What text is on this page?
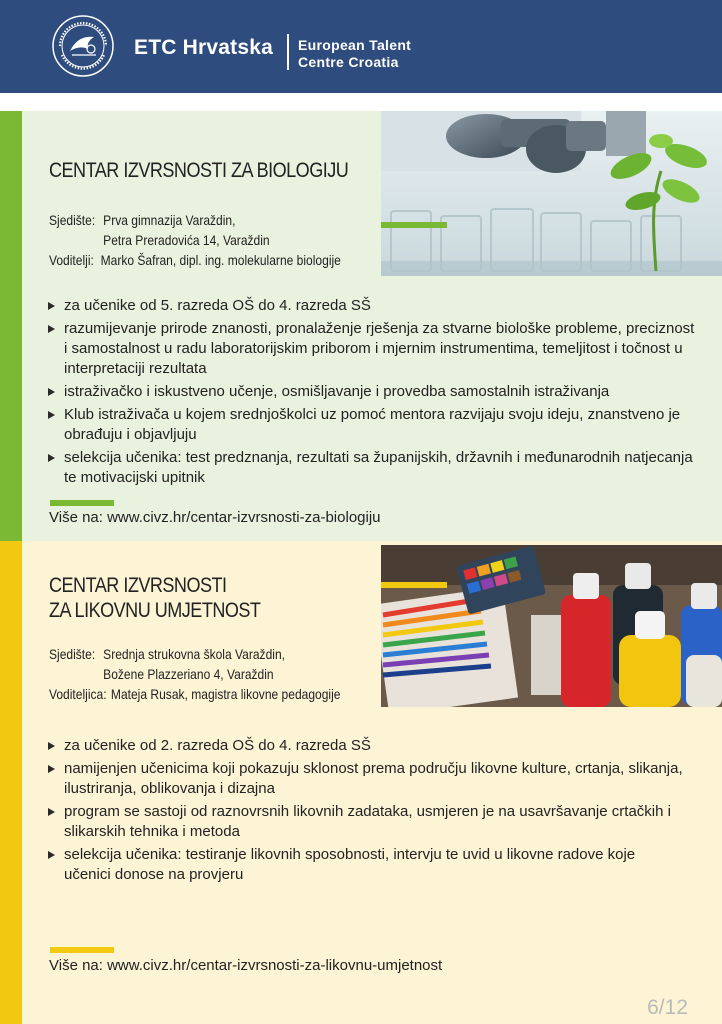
ETC Hrvatska European Talent
Centre Croatia
CENTAR IZVRSNOSTI ZA BIOLOGIJU
Sjedište: Prva gimnazija Varaždin,
Petra Preradovića 14, Varaždin
Voditelji: Marko Šafran, dipl. ing. molekularne biologije
za učenike od 5. razreda OŠ do 4. razreda SŠ
razumijevanje prirode znanosti, pronalaženje rješenja za stvarne biološke probleme, preciznost i samostalnost u radu laboratorijskim priborom i mjernim instrumentima, temeljitost i točnost u interpretaciji rezultata
istraživačko i iskustveno učenje, osmišljavanje i provedba samostalnih istraživanja
Klub istraživača u kojem srednjoškolci uz pomoć mentora razvijaju svoju ideju, znanstveno je obrađuju i objavljuju
selekcija učenika: test predznanja, rezultati sa županijskih, državnih i međunarodnih natjecanja te motivacijski upitnik
Više na: www.civz.hr/centar-izvrsnosti-za-biologiju
CENTAR IZVRSNOSTI
ZA LIKOVNU UMJETNOST
Sjedište: Srednja strukovna škola Varaždin,
Božene Plazzeriano 4, Varaždin
Voditeljica: Mateja Rusak, magistra likovne pedagogije
za učenike od 2. razreda OŠ do 4. razreda SŠ
namijenjen učenicima koji pokazuju sklonost prema području likovne kulture, crtanja, slikanja, ilustriranja, oblikovanja i dizajna
program se sastoji od raznovrsnih likovnih zadataka, usmjeren je na usavršavanje crtačkih i slikarskih tehnika i metoda
selekcija učenika: testiranje likovnih sposobnosti, intervju te uvid u likovne radove koje učenici donose na provjeru
Više na: www.civz.hr/centar-izvrsnosti-za-likovnu-umjetnost
6/12
